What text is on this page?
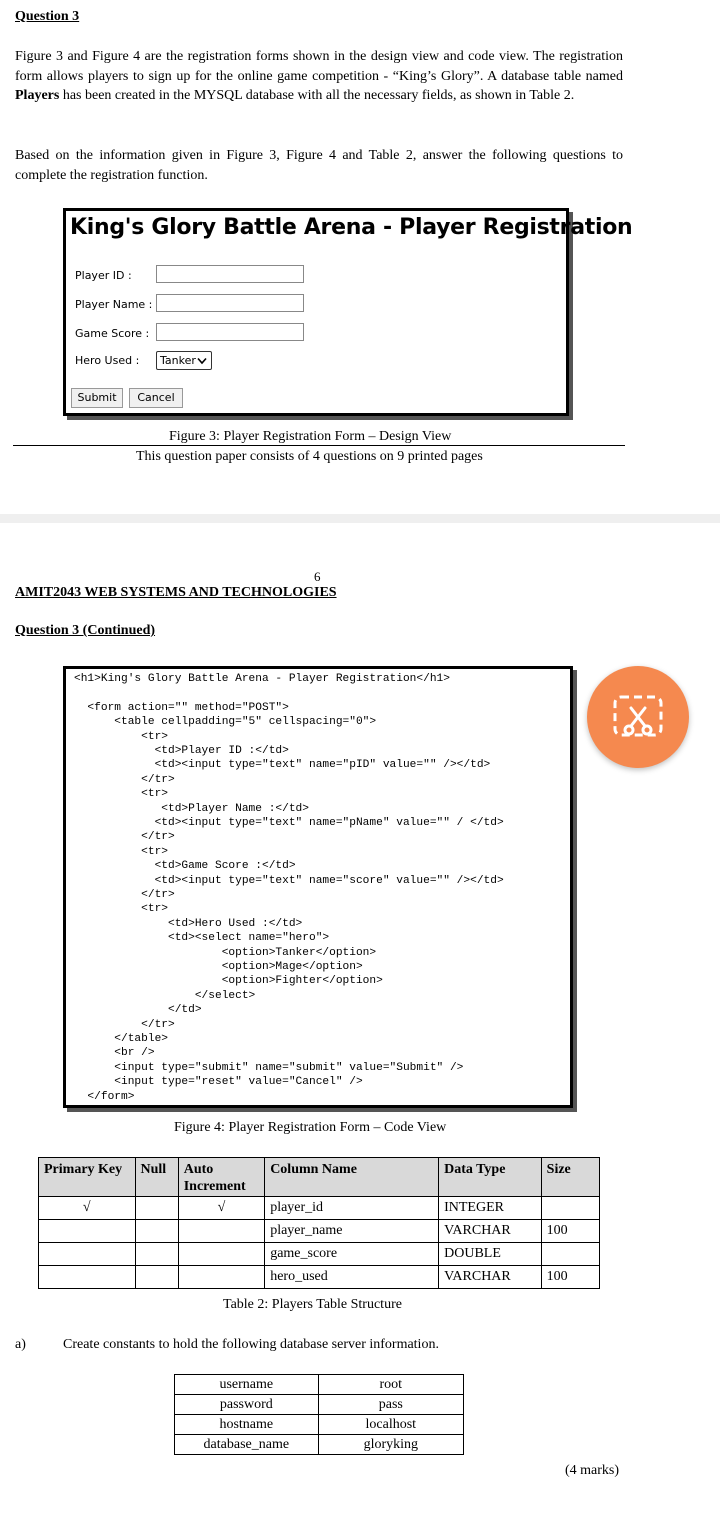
Question 3

Figure 3 and Figure 4 are the registration forms shown in the design view and code view. The registration form allows players to sign up for the online game competition - “King’s Glory”. A database table named Players has been created in the MYSQL database with all the necessary fields, as shown in Table 2.

Based on the information given in Figure 3, Figure 4 and Table 2, answer the following questions to complete the registration function.

King's Glory Battle Arena - Player Registration
Player ID :
Player Name :
Game Score :
Hero Used :	Tanker
Submit	Cancel
Figure 3: Player Registration Form – Design View
This question paper consists of 4 questions on 9 printed pages
6
AMIT2043 WEB SYSTEMS AND TECHNOLOGIES
Question 3 (Continued)
<h1>King's Glory Battle Arena - Player Registration</h1>
<form action="" method="POST">
<table cellpadding="5" cellspacing="0">
<tr>
<td>Player ID :</td>
<td><input type="text" name="pID" value="" /></td>
</tr>
<tr>
<td>Player Name :</td>
<td><input type="text" name="pName" value="" / </td>
</tr>
<tr>
<td>Game Score :</td>
<td><input type="text" name="score" value="" /></td>
</tr>
<tr>
<td>Hero Used :</td>
<td><select name="hero">
<option>Tanker</option>
<option>Mage</option>
<option>Fighter</option>
</select>
</td>
</tr>
</table>
<br />
<input type="submit" name="submit" value="Submit" />
<input type="reset" value="Cancel" />
</form>
Figure 4: Player Registration Form – Code View
Primary Key	Null	Auto Increment	Column Name	Data Type	Size
√		√	player_id	INTEGER	
			player_name	VARCHAR	100
			game_score	DOUBLE	
			hero_used	VARCHAR	100
Table 2: Players Table Structure
a)	Create constants to hold the following database server information.
username	root
password	pass
hostname	localhost
database_name	gloryking
(4 marks)
